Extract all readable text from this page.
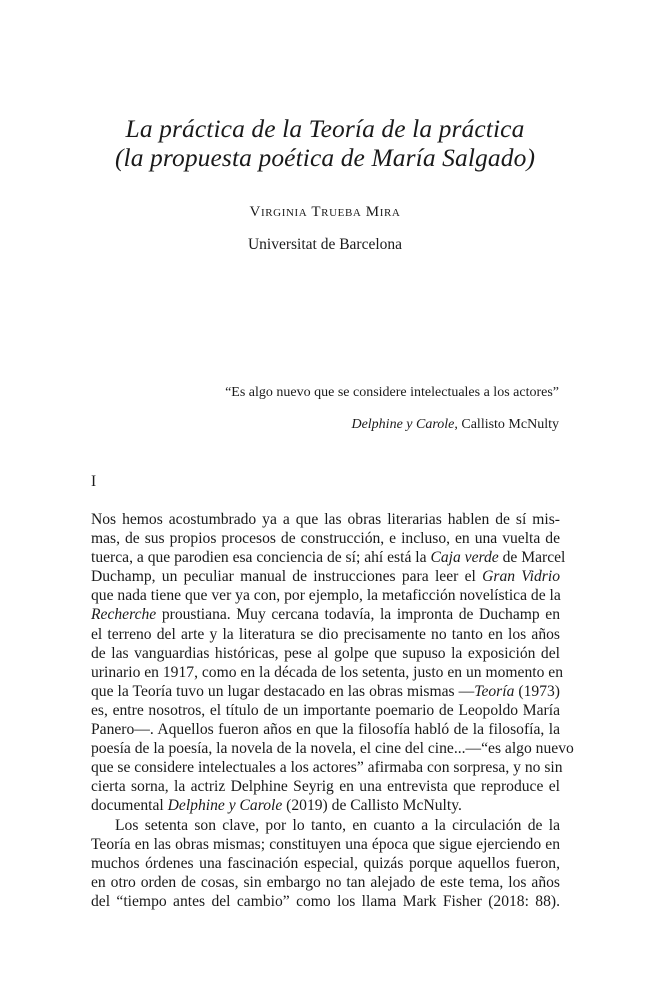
La práctica de la Teoría de la práctica
(la propuesta poética de María Salgado)
Virginia Trueba Mira
Universitat de Barcelona
“Es algo nuevo que se considere intelectuales a los actores”
Delphine y Carole, Callisto McNulty
I
Nos hemos acostumbrado ya a que las obras literarias hablen de sí mis-
mas, de sus propios procesos de construcción, e incluso, en una vuelta de
tuerca, a que parodien esa conciencia de sí; ahí está la Caja verde de Marcel
Duchamp, un peculiar manual de instrucciones para leer el Gran Vidrio
que nada tiene que ver ya con, por ejemplo, la metaficción novelística de la
Recherche proustiana. Muy cercana todavía, la impronta de Duchamp en
el terreno del arte y la literatura se dio precisamente no tanto en los años
de las vanguardias históricas, pese al golpe que supuso la exposición del
urinario en 1917, como en la década de los setenta, justo en un momento en
que la Teoría tuvo un lugar destacado en las obras mismas —Teoría (1973)
es, entre nosotros, el título de un importante poemario de Leopoldo María
Panero—. Aquellos fueron años en que la filosofía habló de la filosofía, la
poesía de la poesía, la novela de la novela, el cine del cine...—“es algo nuevo
que se considere intelectuales a los actores” afirmaba con sorpresa, y no sin
cierta sorna, la actriz Delphine Seyrig en una entrevista que reproduce el
documental Delphine y Carole (2019) de Callisto McNulty.
Los setenta son clave, por lo tanto, en cuanto a la circulación de la
Teoría en las obras mismas; constituyen una época que sigue ejerciendo en
muchos órdenes una fascinación especial, quizás porque aquellos fueron,
en otro orden de cosas, sin embargo no tan alejado de este tema, los años
del “tiempo antes del cambio” como los llama Mark Fisher (2018: 88).
